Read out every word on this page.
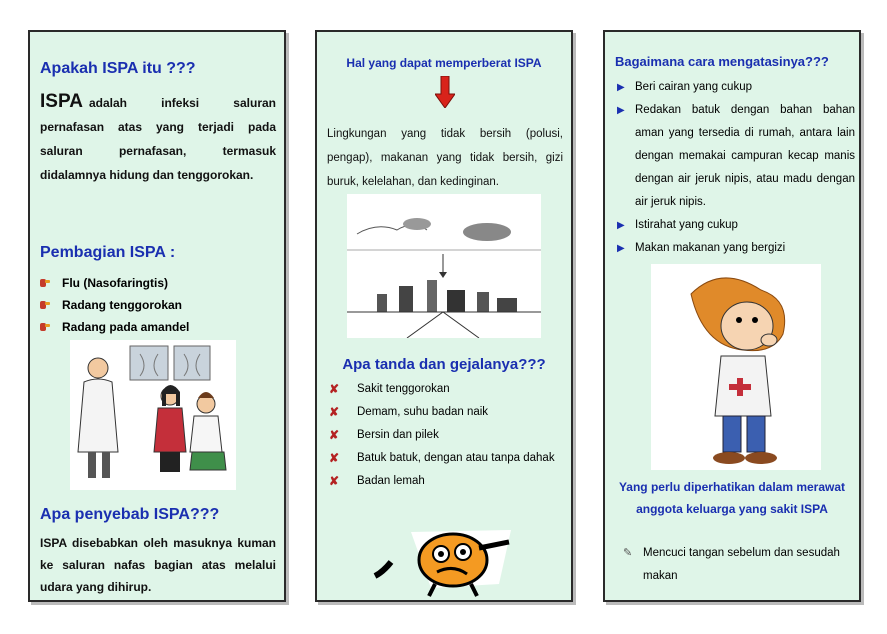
Apakah ISPA itu ???
ISPA adalah infeksi saluran pernafasan atas yang terjadi pada saluran pernafasan, termasuk didalamnya hidung dan tenggorokan.
Pembagian ISPA :
Flu (Nasofaringtis)
Radang tenggorokan
Radang pada amandel
Apa penyebab ISPA???
ISPA disebabkan oleh masuknya kuman ke saluran nafas bagian atas melalui udara yang dihirup.
Hal yang dapat memperberat ISPA
Lingkungan yang tidak bersih (polusi, pengap), makanan yang tidak bersih, gizi buruk, kelelahan, dan kedinginan.
Apa tanda dan gejalanya???
✘	Sakit tenggorokan
✘	Demam, suhu badan naik
✘	Bersin dan pilek
✘	Batuk batuk, dengan atau tanpa dahak
✘	Badan lemah
Bagaimana cara mengatasinya???
▶ Beri cairan yang cukup
▶ Redakan batuk dengan bahan bahan aman yang tersedia di rumah, antara lain dengan memakai campuran kecap manis dengan air jeruk nipis, atau madu dengan air jeruk nipis.
▶ Istirahat yang cukup
▶ Makan makanan yang bergizi
Yang perlu diperhatikan dalam merawat anggota keluarga yang sakit ISPA
✎ Mencuci tangan sebelum dan sesudah makan
